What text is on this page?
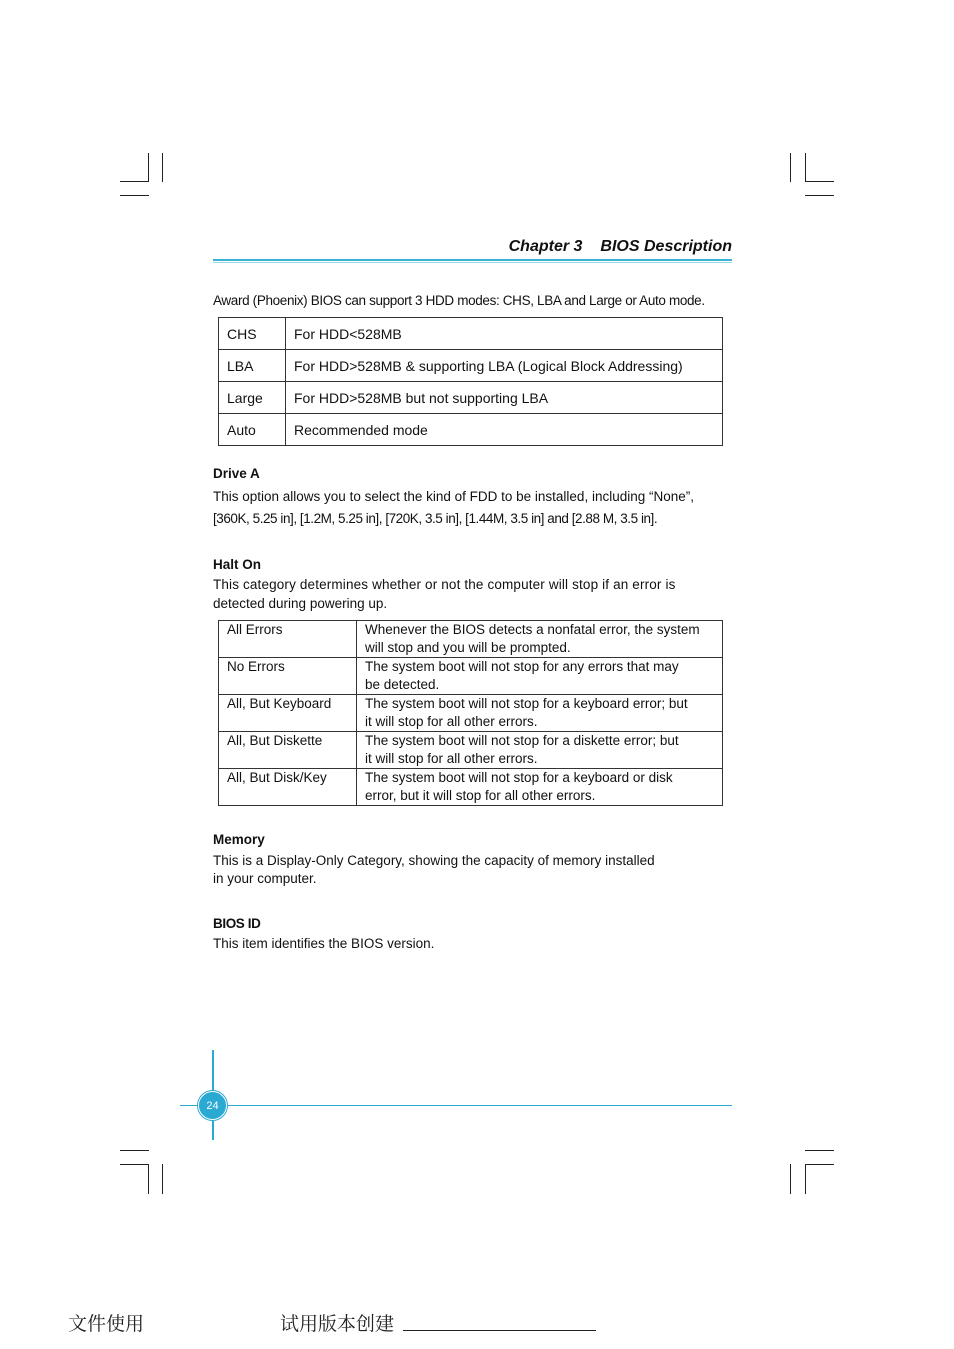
Chapter 3 BIOS Description
Award (Phoenix) BIOS can support 3 HDD modes: CHS, LBA and Large or Auto mode.
CHS	For HDD<528MB
LBA	For HDD>528MB & supporting LBA (Logical Block Addressing)
Large	For HDD>528MB but not supporting LBA
Auto	Recommended mode
Drive A
This option allows you to select the kind of FDD to be installed, including “None”,
[360K, 5.25 in], [1.2M, 5.25 in], [720K, 3.5 in], [1.44M, 3.5 in] and [2.88 M, 3.5 in].
Halt On
This category determines whether or not the computer will stop if an error is
detected during powering up.
All Errors	Whenever the BIOS detects a nonfatal error, the system
will stop and you will be prompted.

No Errors	The system boot will not stop for any errors that may
be detected.

All, But Keyboard	The system boot will not stop for a keyboard error; but
it will stop for all other errors.

All, But Diskette	The system boot will not stop for a diskette error; but
it will stop for all other errors.

All, But Disk/Key	The system boot will not stop for a keyboard or disk
error, but it will stop for all other errors.
Memory
This is a Display-Only Category, showing the capacity of memory installed
in your computer.
BIOS ID
This item identifies the BIOS version.
24
文件使用	试用版本创建
